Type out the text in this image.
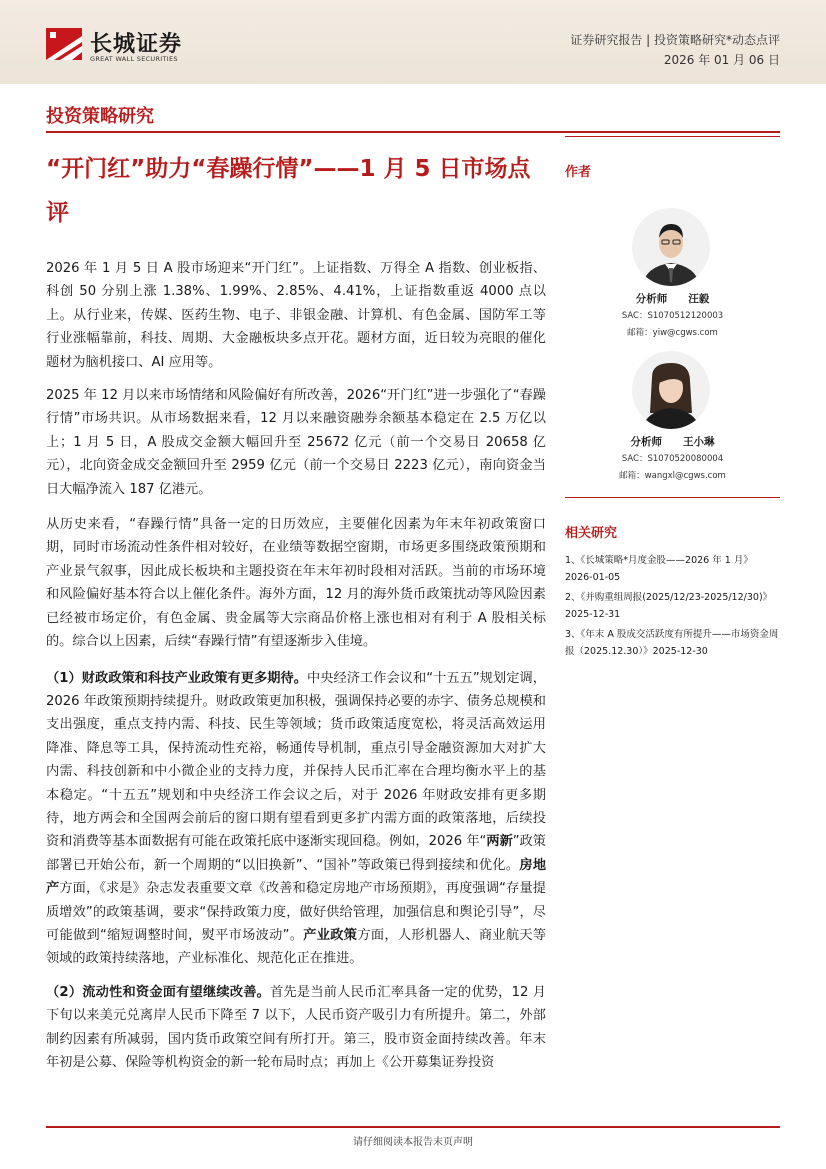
长城证券
GREAT WALL SECURITIES
证券研究报告 | 投资策略研究*动态点评
2026 年 01 月 06 日
投资策略研究
“开门红”助力“春躁行情”——1 月 5 日市场点评

2026 年 1 月 5 日 A 股市场迎来“开门红”。上证指数、万得全 A 指数、创业板指、科创 50 分别上涨 1.38%、1.99%、2.85%、4.41%，上证指数重返 4000 点以上。从行业来，传媒、医药生物、电子、非银金融、计算机、有色金属、国防军工等行业涨幅靠前，科技、周期、大金融板块多点开花。题材方面，近日较为亮眼的催化题材为脑机接口、AI 应用等。

2025 年 12 月以来市场情绪和风险偏好有所改善，2026“开门红”进一步强化了“春躁行情”市场共识。从市场数据来看，12 月以来融资融券余额基本稳定在 2.5 万亿以上；1 月 5 日，A 股成交金额大幅回升至 25672 亿元（前一个交易日 20658 亿元），北向资金成交金额回升至 2959 亿元（前一个交易日 2223 亿元），南向资金当日大幅净流入 187 亿港元。

从历史来看，“春躁行情”具备一定的日历效应，主要催化因素为年末年初政策窗口期，同时市场流动性条件相对较好，在业绩等数据空窗期，市场更多围绕政策预期和产业景气叙事，因此成长板块和主题投资在年末年初时段相对活跃。当前的市场环境和风险偏好基本符合以上催化条件。海外方面，12 月的海外货币政策扰动等风险因素已经被市场定价，有色金属、贵金属等大宗商品价格上涨也相对有利于 A 股相关标的。综合以上因素，后续“春躁行情”有望逐渐步入佳境。

（1）财政政策和科技产业政策有更多期待。中央经济工作会议和“十五五”规划定调，2026 年政策预期持续提升。财政政策更加积极，强调保持必要的赤字、债务总规模和支出强度，重点支持内需、科技、民生等领域；货币政策适度宽松，将灵活高效运用降准、降息等工具，保持流动性充裕，畅通传导机制，重点引导金融资源加大对扩大内需、科技创新和中小微企业的支持力度，并保持人民币汇率在合理均衡水平上的基本稳定。“十五五”规划和中央经济工作会议之后，对于 2026 年财政安排有更多期待，地方两会和全国两会前后的窗口期有望看到更多扩内需方面的政策落地，后续投资和消费等基本面数据有可能在政策托底中逐渐实现回稳。例如，2026 年“两新”政策部署已开始公布，新一个周期的“以旧换新”、“国补”等政策已得到接续和优化。房地产方面，《求是》杂志发表重要文章《改善和稳定房地产市场预期》，再度强调“存量提质增效”的政策基调，要求“保持政策力度，做好供给管理，加强信息和舆论引导”，尽可能做到“缩短调整时间，熨平市场波动”。产业政策方面，人形机器人、商业航天等领域的政策持续落地，产业标准化、规范化正在推进。

（2）流动性和资金面有望继续改善。首先是当前人民币汇率具备一定的优势，12 月下旬以来美元兑离岸人民币下降至 7 以下，人民币资产吸引力有所提升。第二，外部制约因素有所减弱，国内货币政策空间有所打开。第三，股市资金面持续改善。年末年初是公募、保险等机构资金的新一轮布局时点；再加上《公开募集证券投资

作者
分析师　　汪毅
SAC：S1070512120003
邮箱：yiw@cgws.com
分析师　　王小琳
SAC：S1070520080004
邮箱：wangxl@cgws.com
相关研究
1、《长城策略*月度金股——2026 年 1 月》2026-01-05
2、《并购重组周报(2025/12/23-2025/12/30)》2025-12-31
3、《年末 A 股成交活跃度有所提升——市场资金周报（2025.12.30）》2025-12-30
请仔细阅读本报告末页声明
